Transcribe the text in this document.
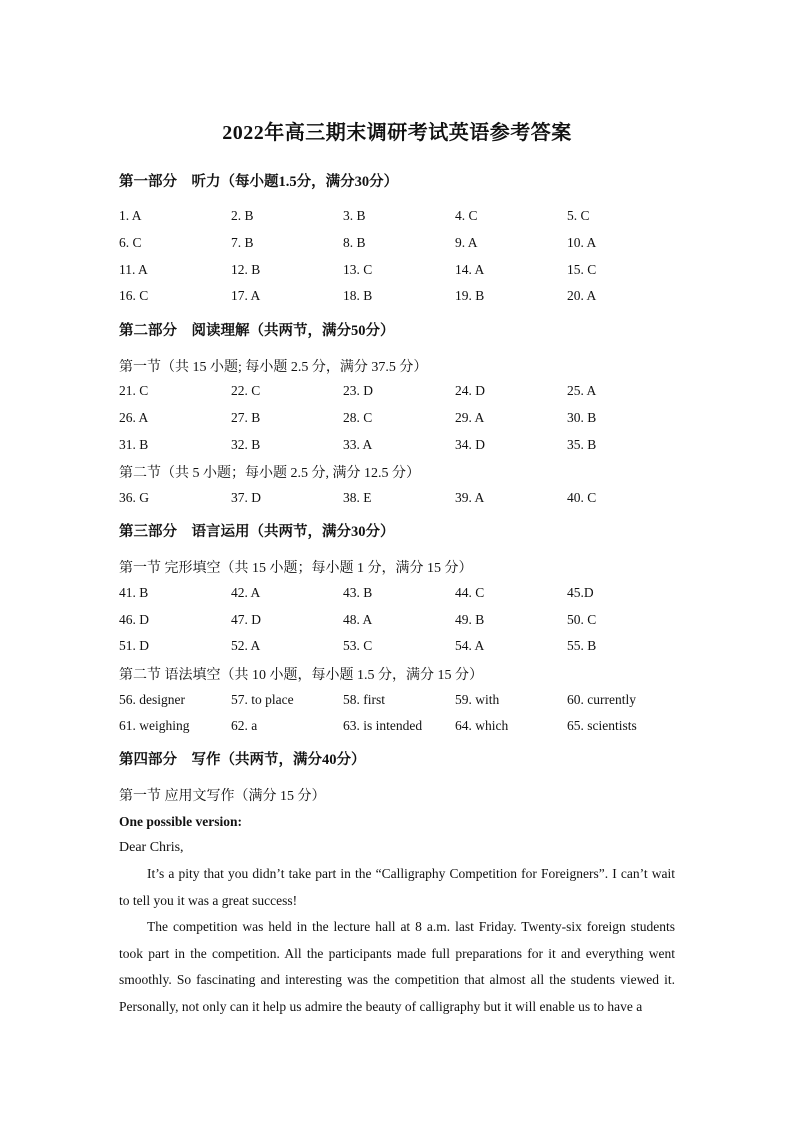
2022年高三期末调研考试英语参考答案
第一部分　听力（每小题1.5分，满分30分）
1. A	2. B	3. B	4. C	5. C
6. C	7. B	8. B	9. A	10. A
11. A	12. B	13. C	14. A	15. C
16. C	17. A	18. B	19. B	20. A
第二部分　阅读理解（共两节，满分50分）
第一节（共 15 小题; 每小题 2.5 分，满分 37.5 分）
21. C	22. C	23. D	24. D	25. A
26. A	27. B	28. C	29. A	30. B
31. B	32. B	33. A	34. D	35. B
第二节（共 5 小题；每小题 2.5 分, 满分 12.5 分）
36. G	37. D	38. E	39. A	40. C
第三部分　语言运用（共两节，满分30分）
第一节 完形填空（共 15 小题；每小题 1 分，满分 15 分）
41. B	42. A	43. B	44. C	45.D
46. D	47. D	48. A	49. B	50. C
51. D	52. A	53. C	54. A	55. B
第二节 语法填空（共 10 小题，每小题 1.5 分，满分 15 分）
56. designer	57. to place	58. first	59. with	60. currently
61. weighing	62. a	63. is intended 64. which	65. scientists
第四部分　写作（共两节，满分40分）
第一节 应用文写作（满分 15 分）
One possible version:
Dear Chris,

It’s a pity that you didn’t take part in the “Calligraphy Competition for Foreigners”. I can’t wait to tell you it was a great success!

The competition was held in the lecture hall at 8 a.m. last Friday. Twenty-six foreign students took part in the competition. All the participants made full preparations for it and everything went smoothly. So fascinating and interesting was the competition that almost all the students viewed it. Personally, not only can it help us admire the beauty of calligraphy but it will enable us to have a
